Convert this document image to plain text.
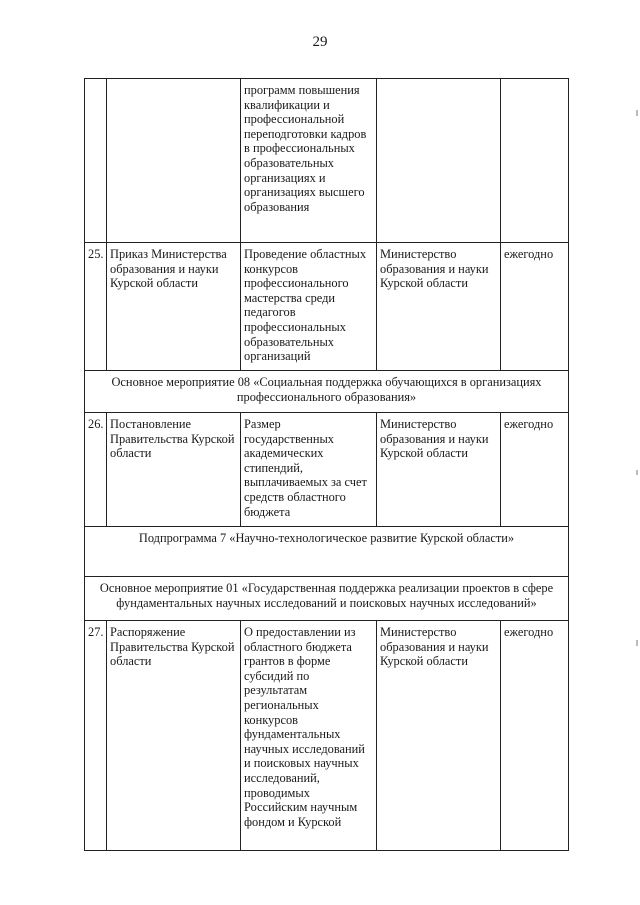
29
		программ повышения квалификации и профессиональной переподготовки кадров в профессиональных образовательных организациях и организациях высшего образования		
25.	Приказ Министерства образования и науки Курской области	Проведение областных конкурсов профессионального мастерства среди педагогов профессиональных образовательных организаций	Министерство образования и науки Курской области	ежегодно
Основное мероприятие 08 «Социальная поддержка обучающихся в организациях профессионального образования»				
26.	Постановление Правительства Курской области	Размер государственных академических стипендий, выплачиваемых за счет средств областного бюджета	Министерство образования и науки Курской области	ежегодно
Подпрограмма 7 «Научно-технологическое развитие Курской области»				
Основное мероприятие 01 «Государственная поддержка реализации проектов в сфере фундаментальных научных исследований и поисковых научных исследований»				
27.	Распоряжение Правительства Курской области	О предоставлении из областного бюджета грантов в форме субсидий по результатам региональных конкурсов фундаментальных научных исследований и поисковых научных исследований, проводимых Российским научным фондом и Курской	Министерство образования и науки Курской области	ежегодно
